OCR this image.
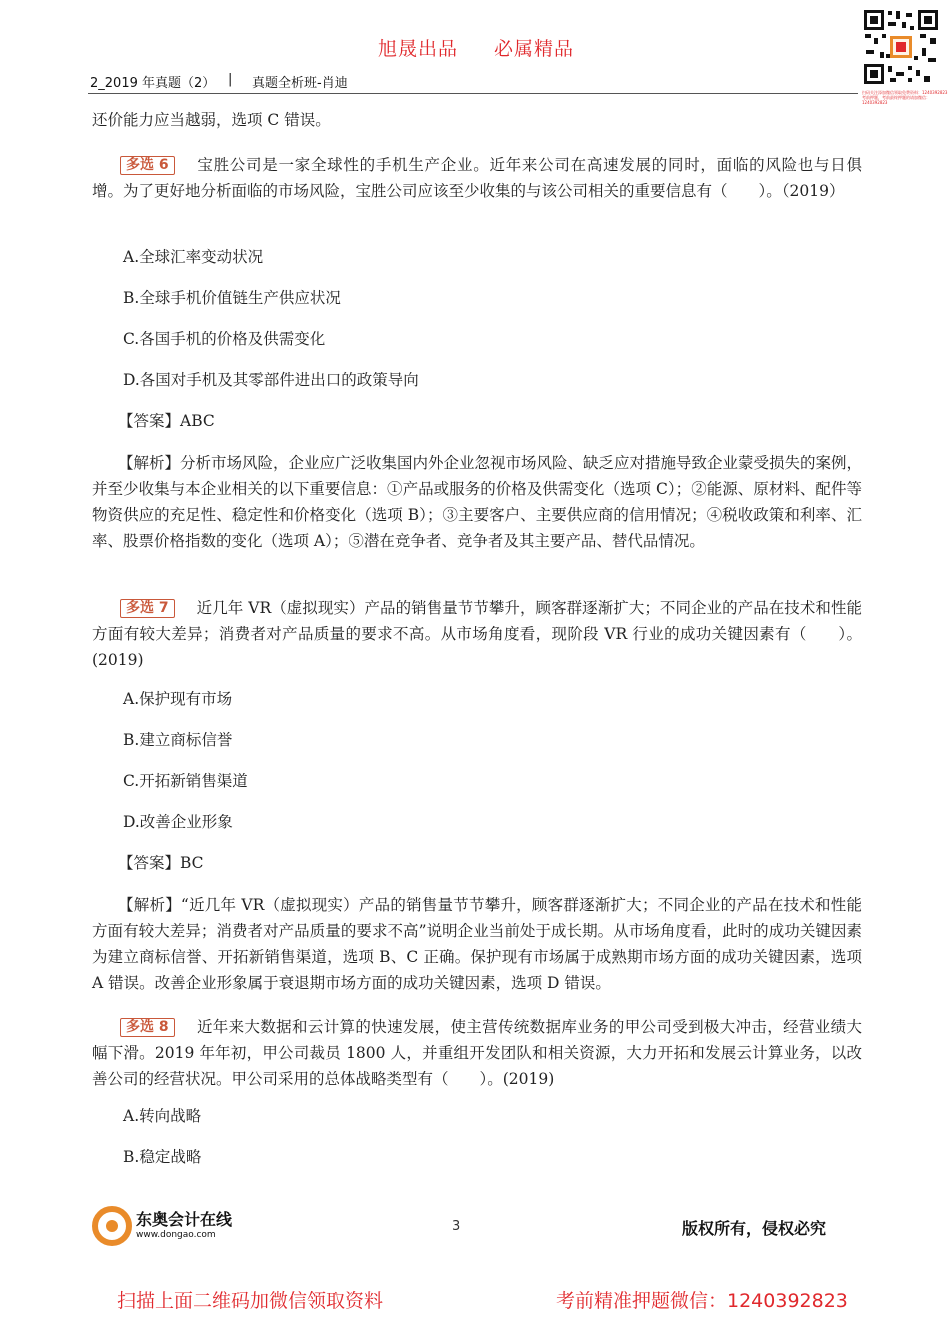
旭晟出品 必属精品
扫码关注添加微信领取免费资料：1240392823 考前押题，考前最终押题的请加微信：1240392823
2_2019 年真题（2） | 真题全析班-肖迪

还价能力应当越弱，选项 C 错误。

多选 6 宝胜公司是一家全球性的手机生产企业。近年来公司在高速发展的同时，面临的风险也与日俱增。为了更好地分析面临的市场风险，宝胜公司应该至少收集的与该公司相关的重要信息有（　　）。（2019）

A.全球汇率变动状况
B.全球手机价值链生产供应状况
C.各国手机的价格及供需变化
D.各国对手机及其零部件进出口的政策导向
【答案】ABC

【解析】分析市场风险，企业应广泛收集国内外企业忽视市场风险、缺乏应对措施导致企业蒙受损失的案例，并至少收集与本企业相关的以下重要信息：①产品或服务的价格及供需变化（选项 C）；②能源、原材料、配件等物资供应的充足性、稳定性和价格变化（选项 B）；③主要客户、主要供应商的信用情况；④税收政策和利率、汇率、股票价格指数的变化（选项 A）；⑤潜在竞争者、竞争者及其主要产品、替代品情况。

多选 7 近几年 VR（虚拟现实）产品的销售量节节攀升，顾客群逐渐扩大；不同企业的产品在技术和性能方面有较大差异；消费者对产品质量的要求不高。从市场角度看，现阶段 VR 行业的成功关键因素有（　　）。(2019)

A.保护现有市场
B.建立商标信誉
C.开拓新销售渠道
D.改善企业形象
【答案】BC

【解析】“近几年 VR（虚拟现实）产品的销售量节节攀升，顾客群逐渐扩大；不同企业的产品在技术和性能方面有较大差异；消费者对产品质量的要求不高”说明企业当前处于成长期。从市场角度看，此时的成功关键因素为建立商标信誉、开拓新销售渠道，选项 B、C 正确。保护现有市场属于成熟期市场方面的成功关键因素，选项 A 错误。改善企业形象属于衰退期市场方面的成功关键因素，选项 D 错误。

多选 8 近年来大数据和云计算的快速发展，使主营传统数据库业务的甲公司受到极大冲击，经营业绩大幅下滑。2019 年年初，甲公司裁员 1800 人，并重组开发团队和相关资源，大力开拓和发展云计算业务，以改善公司的经营状况。甲公司采用的总体战略类型有（　　）。(2019)

A.转向战略
B.稳定战略
东奥会计在线
www.dongao.com
3	版权所有，侵权必究
扫描上面二维码加微信领取资料	考前精准押题微信：1240392823
